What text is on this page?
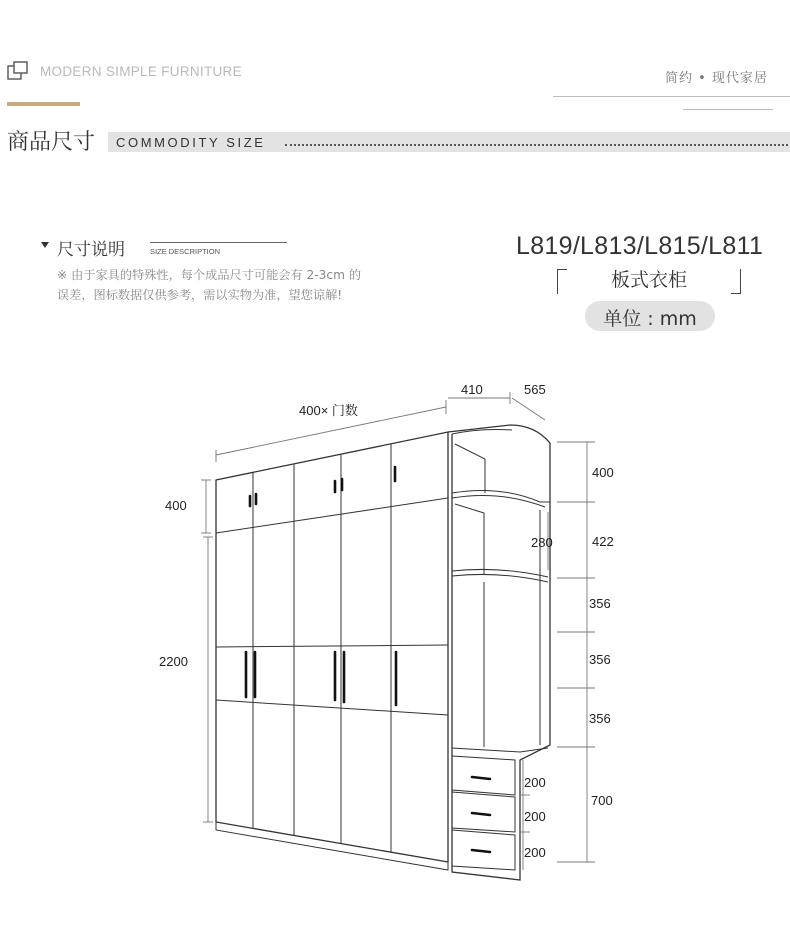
MODERN SIMPLE FURNITURE	简约 • 现代家居
商品尺寸 COMMODITY SIZE
尺寸说明	SIZE DESCRIPTION
※ 由于家具的特殊性，每个成品尺寸可能会有 2-3cm 的
误差，图标数据仅供参考，需以实物为准，望您谅解!
L819/L813/L815/L811
板式衣柜
单位 : mm
400× 门数
410	565
400
2200
280
400
422
356
356
356
700
200
200
200
